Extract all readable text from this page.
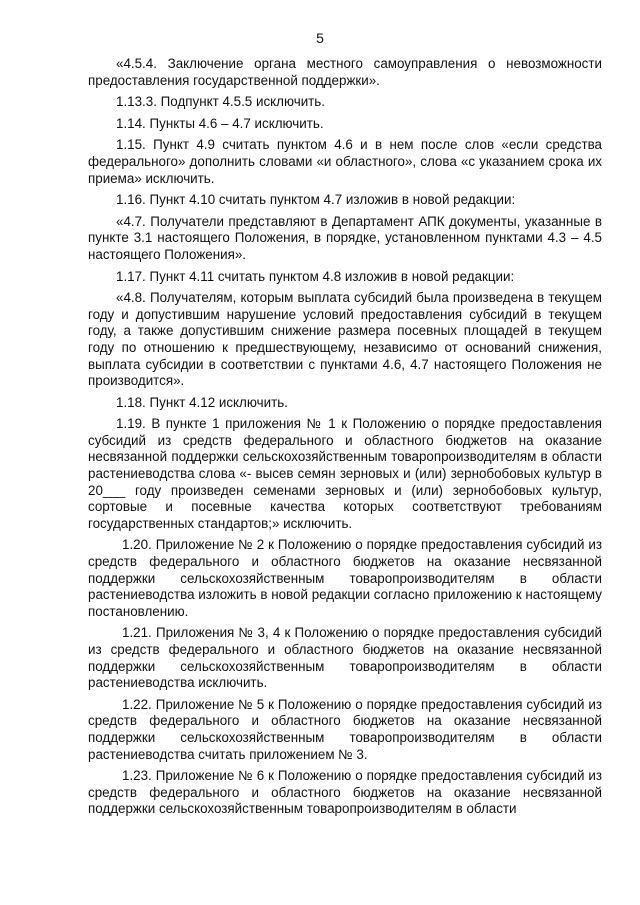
5

«4.5.4. Заключение органа местного самоуправления о невозможности предоставления государственной поддержки».

1.13.3. Подпункт 4.5.5 исключить.

1.14. Пункты 4.6 – 4.7 исключить.

1.15. Пункт 4.9 считать пунктом 4.6 и в нем после слов «если средства федерального» дополнить словами «и областного», слова «с указанием срока их приема» исключить.

1.16. Пункт 4.10 считать пунктом 4.7 изложив в новой редакции:

«4.7. Получатели представляют в Департамент АПК документы, указанные в пункте 3.1 настоящего Положения, в порядке, установленном пунктами 4.3 – 4.5 настоящего Положения».

1.17. Пункт 4.11 считать пунктом 4.8 изложив в новой редакции:

«4.8. Получателям, которым выплата субсидий была произведена в текущем году и допустившим нарушение условий предоставления субсидий в текущем году, а также допустившим снижение размера посевных площадей в текущем году по отношению к предшествующему, независимо от оснований снижения, выплата субсидии в соответствии с пунктами 4.6, 4.7 настоящего Положения не производится».

1.18. Пункт 4.12 исключить.

1.19. В пункте 1 приложения № 1 к Положению о порядке предоставления субсидий из средств федерального и областного бюджетов на оказание несвязанной поддержки сельскохозяйственным товаропроизводителям в области растениеводства слова «- высев семян зерновых и (или) зернобобовых культур в 20___ году произведен семенами зерновых и (или) зернобобовых культур, сортовые и посевные качества которых соответствуют требованиям государственных стандартов;» исключить.

1.20. Приложение № 2 к Положению о порядке предоставления субсидий из средств федерального и областного бюджетов на оказание несвязанной поддержки сельскохозяйственным товаропроизводителям в области растениеводства изложить в новой редакции согласно приложению к настоящему постановлению.

1.21. Приложения № 3, 4 к Положению о порядке предоставления субсидий из средств федерального и областного бюджетов на оказание несвязанной поддержки сельскохозяйственным товаропроизводителям в области растениеводства исключить.

1.22. Приложение № 5 к Положению о порядке предоставления субсидий из средств федерального и областного бюджетов на оказание несвязанной поддержки сельскохозяйственным товаропроизводителям в области растениеводства считать приложением № 3.

1.23. Приложение № 6 к Положению о порядке предоставления субсидий из средств федерального и областного бюджетов на оказание несвязанной поддержки сельскохозяйственным товаропроизводителям в области
